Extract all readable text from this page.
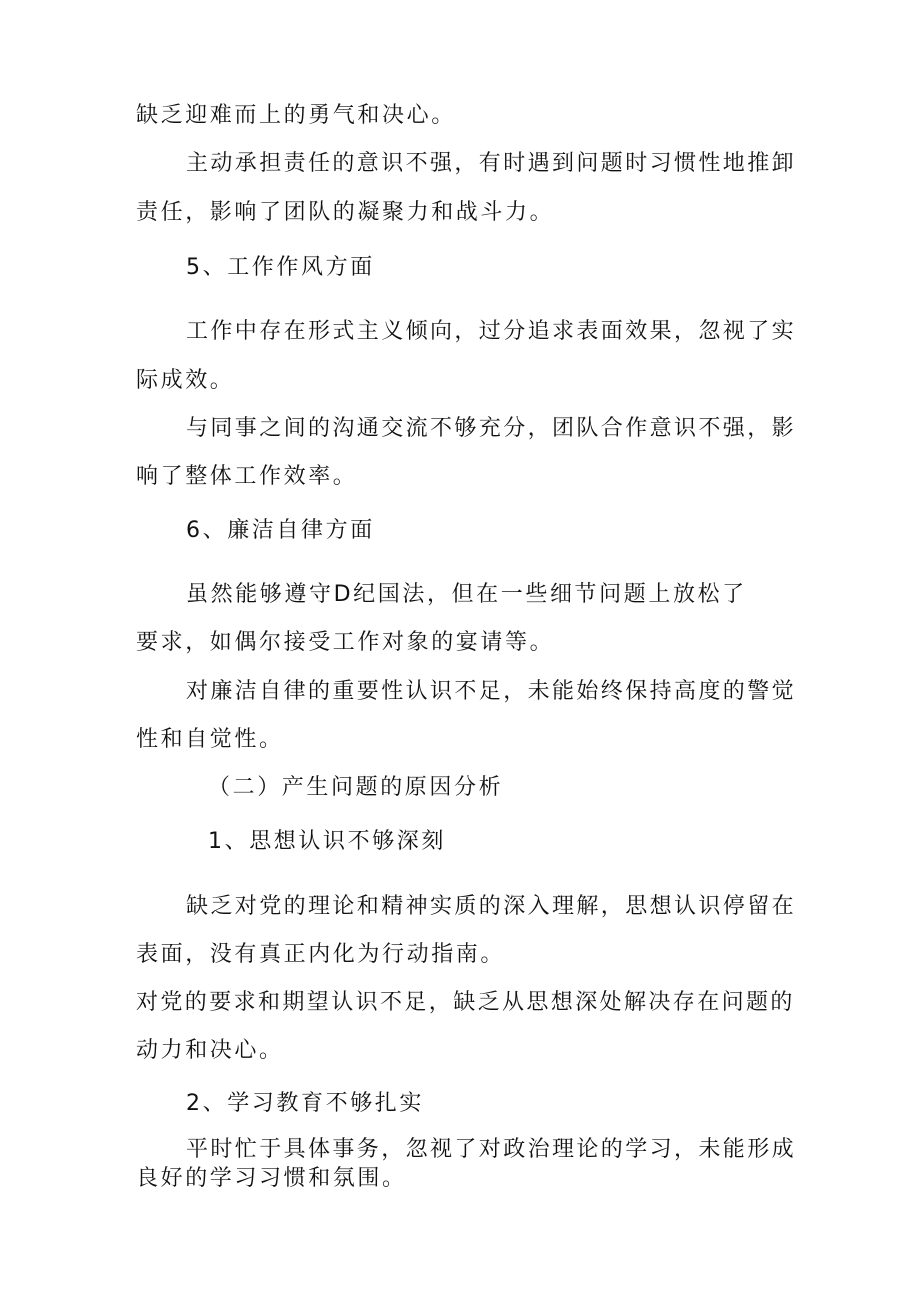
缺乏迎难而上的勇气和决心。
主动承担责任的意识不强，有时遇到问题时习惯性地推卸
责任，影响了团队的凝聚力和战斗力。
5、工作作风方面
工作中存在形式主义倾向，过分追求表面效果，忽视了实
际成效。
与同事之间的沟通交流不够充分，团队合作意识不强，影
响了整体工作效率。
6、廉洁自律方面
虽然能够遵守D纪国法，但在一些细节问题上放松了
要求，如偶尔接受工作对象的宴请等。
对廉洁自律的重要性认识不足，未能始终保持高度的警觉
性和自觉性。
（二）产生问题的原因分析
1、思想认识不够深刻
缺乏对党的理论和精神实质的深入理解，思想认识停留在
表面，没有真正内化为行动指南。
对党的要求和期望认识不足，缺乏从思想深处解决存在问题的
动力和决心。
2、学习教育不够扎实
平时忙于具体事务，忽视了对政治理论的学习，未能形成
良好的学习习惯和氛围。
